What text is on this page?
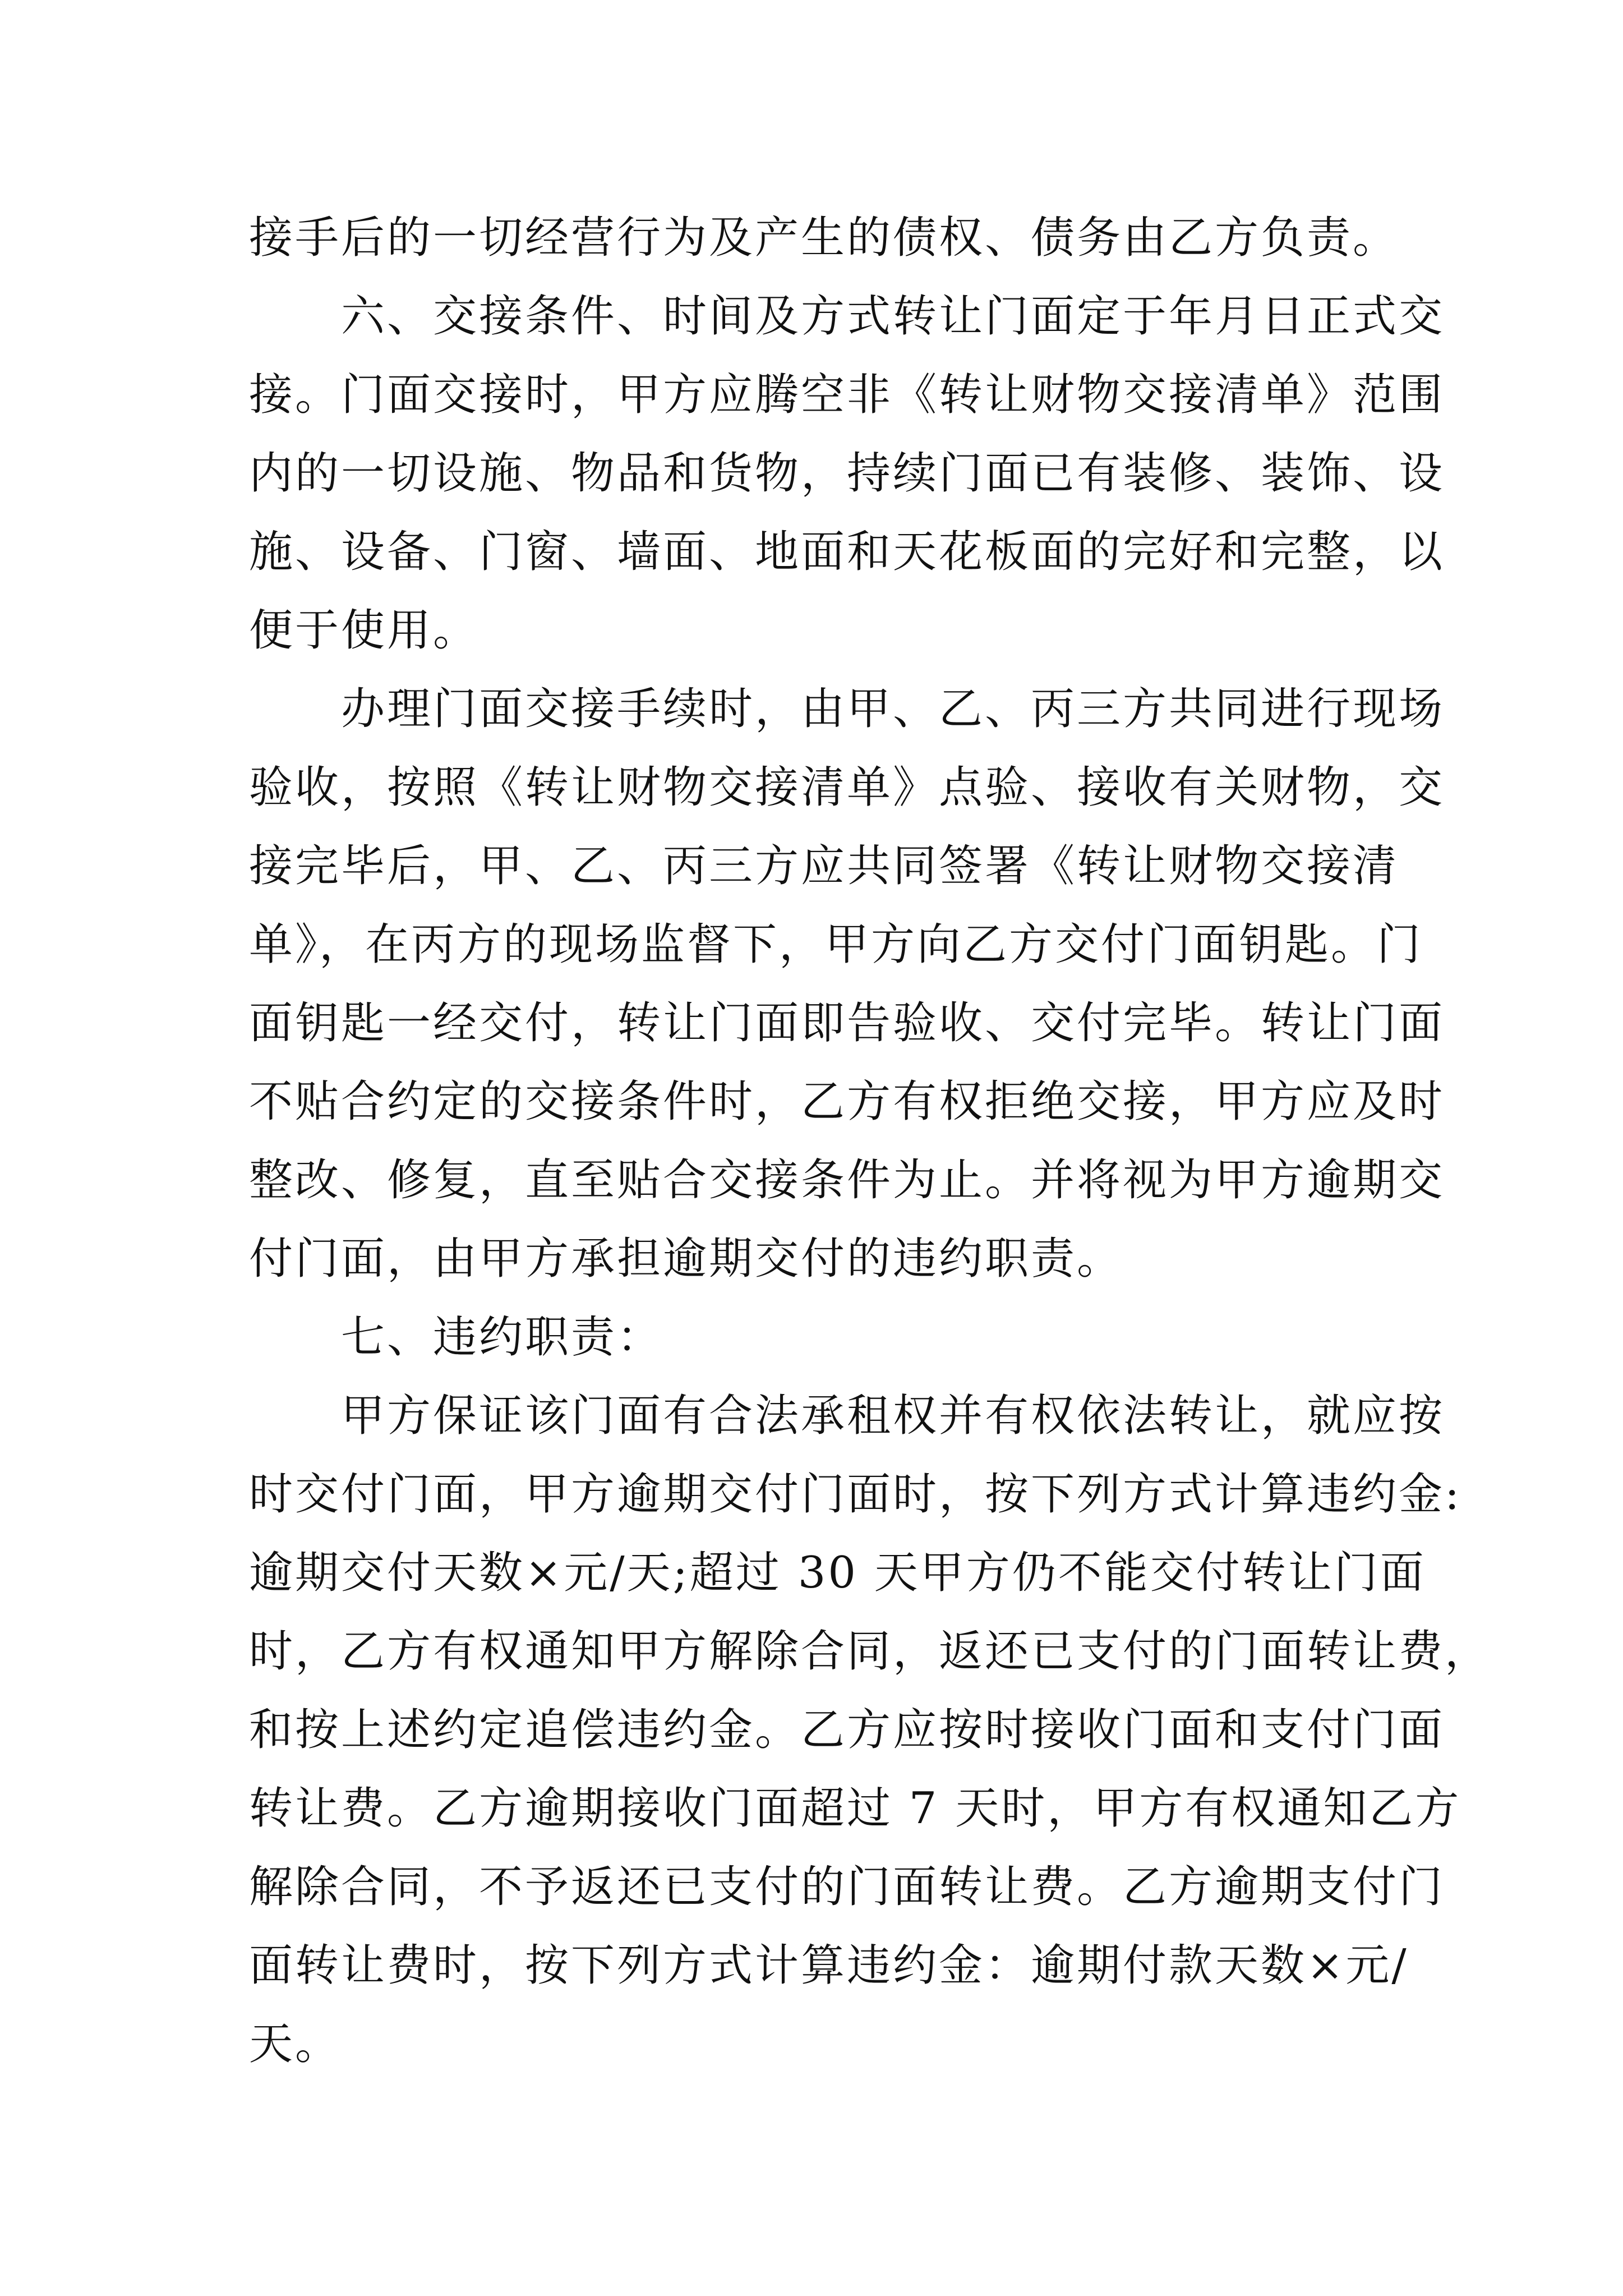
接手后的一切经营行为及产生的债权、债务由乙方负责。
　　六、交接条件、时间及方式转让门面定于年月日正式交
接。门面交接时，甲方应腾空非《转让财物交接清单》范围
内的一切设施、物品和货物，持续门面已有装修、装饰、设
施、设备、门窗、墙面、地面和天花板面的完好和完整，以
便于使用。
　　办理门面交接手续时，由甲、乙、丙三方共同进行现场
验收，按照《转让财物交接清单》点验、接收有关财物，交
接完毕后，甲、乙、丙三方应共同签署《转让财物交接清
单》，在丙方的现场监督下，甲方向乙方交付门面钥匙。门
面钥匙一经交付，转让门面即告验收、交付完毕。转让门面
不贴合约定的交接条件时，乙方有权拒绝交接，甲方应及时
整改、修复，直至贴合交接条件为止。并将视为甲方逾期交
付门面，由甲方承担逾期交付的违约职责。
　　七、违约职责：
　　甲方保证该门面有合法承租权并有权依法转让，就应按
时交付门面，甲方逾期交付门面时，按下列方式计算违约金:
逾期交付天数×元/天;超过 30 天甲方仍不能交付转让门面
时，乙方有权通知甲方解除合同，返还已支付的门面转让费，
和按上述约定追偿违约金。乙方应按时接收门面和支付门面
转让费。乙方逾期接收门面超过 7 天时，甲方有权通知乙方
解除合同，不予返还已支付的门面转让费。乙方逾期支付门
面转让费时，按下列方式计算违约金：逾期付款天数×元/
天。
